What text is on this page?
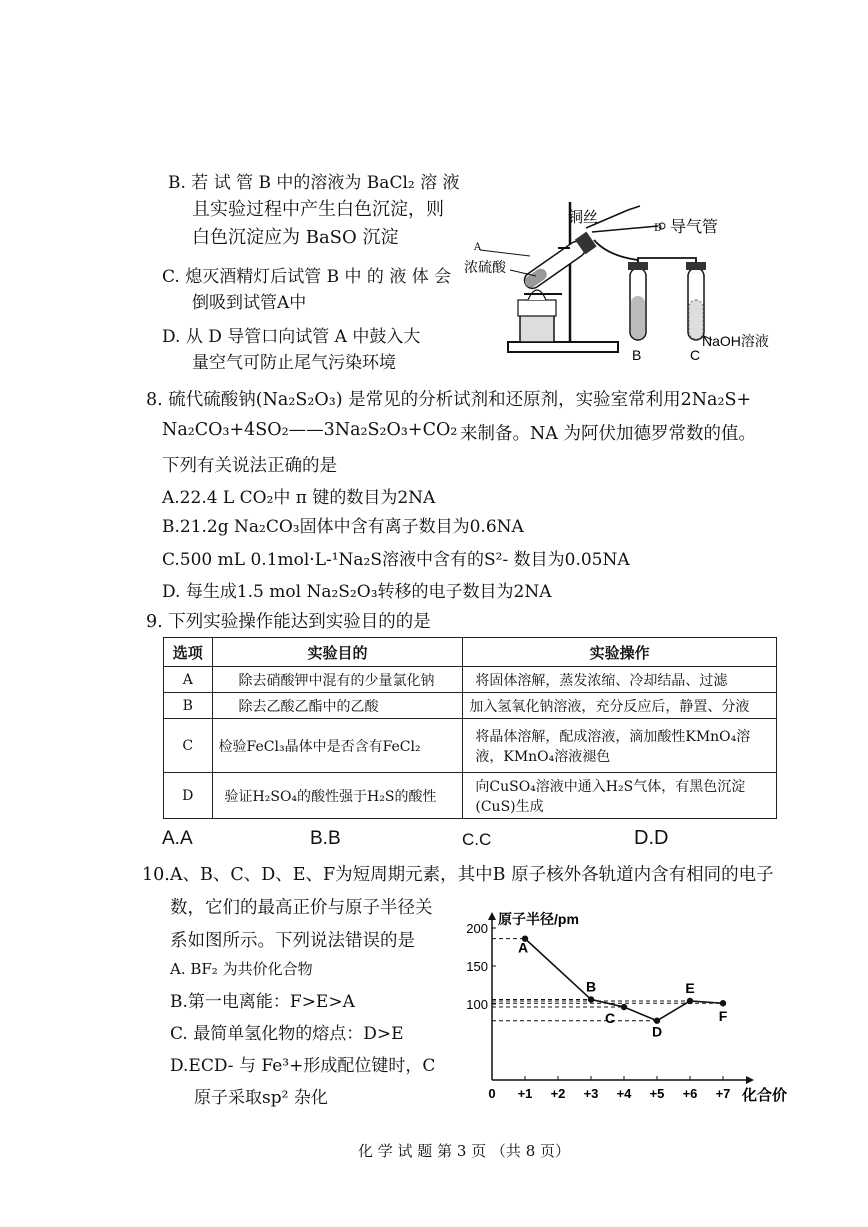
B. 若 试 管 B 中的溶液为 BaCl₂ 溶 液
且实验过程中产生白色沉淀，则
白色沉淀应为 BaSO 沉淀
C. 熄灭酒精灯后试管 B 中 的 液 体 会
倒吸到试管A中
D. 从 D 导管口向试管 A 中鼓入大
量空气可防止尾气污染环境
铜丝
导气管
D
A
浓硫酸
B	C
NaOH溶液
8. 硫代硫酸钠(Na₂S₂O₃) 是常见的分析试剂和还原剂，实验室常利用2Na₂S+
Na₂CO₃+4SO₂——3Na₂S₂O₃+CO₂ 来制备。NA 为阿伏加德罗常数的值。
下列有关说法正确的是
A.22.4 L CO₂中 π 键的数目为2NA
B.21.2g Na₂CO₃固体中含有离子数目为0.6NA
C.500 mL 0.1mol·L-¹Na₂S溶液中含有的S²- 数目为0.05NA
D. 每生成1.5 mol Na₂S₂O₃转移的电子数目为2NA
9. 下列实验操作能达到实验目的的是
选项	实验目的	实验操作
A	除去硝酸钾中混有的少量氯化钠	将固体溶解，蒸发浓缩、冷却结晶、过滤
B	除去乙酸乙酯中的乙酸	加入氢氧化钠溶液，充分反应后，静置、分液
C	检验FeCl₃晶体中是否含有FeCl₂	将晶体溶解，配成溶液，滴加酸性KMnO₄溶液，KMnO₄溶液褪色
D	验证H₂SO₄的酸性强于H₂S的酸性	向CuSO₄溶液中通入H₂S气体，有黑色沉淀(CuS)生成
A.A	B.B	C.C	D.D
10.A、B、C、D、E、F为短周期元素，其中B 原子核外各轨道内含有相同的电子
数，它们的最高正价与原子半径关
系如图所示。下列说法错误的是
A. BF₂ 为共价化合物
B.第一电离能：F>E>A
C. 最简单氢化物的熔点：D>E
D.ECD- 与 Fe³+形成配位键时，C
原子采取sp² 杂化
A
B
C
D
E
F
0 +1 +2 +3 +4 +5 +6 +7
200
150
100
原子半径/pm
化合价
化 学 试 题 第 3 页 （共 8 页）
